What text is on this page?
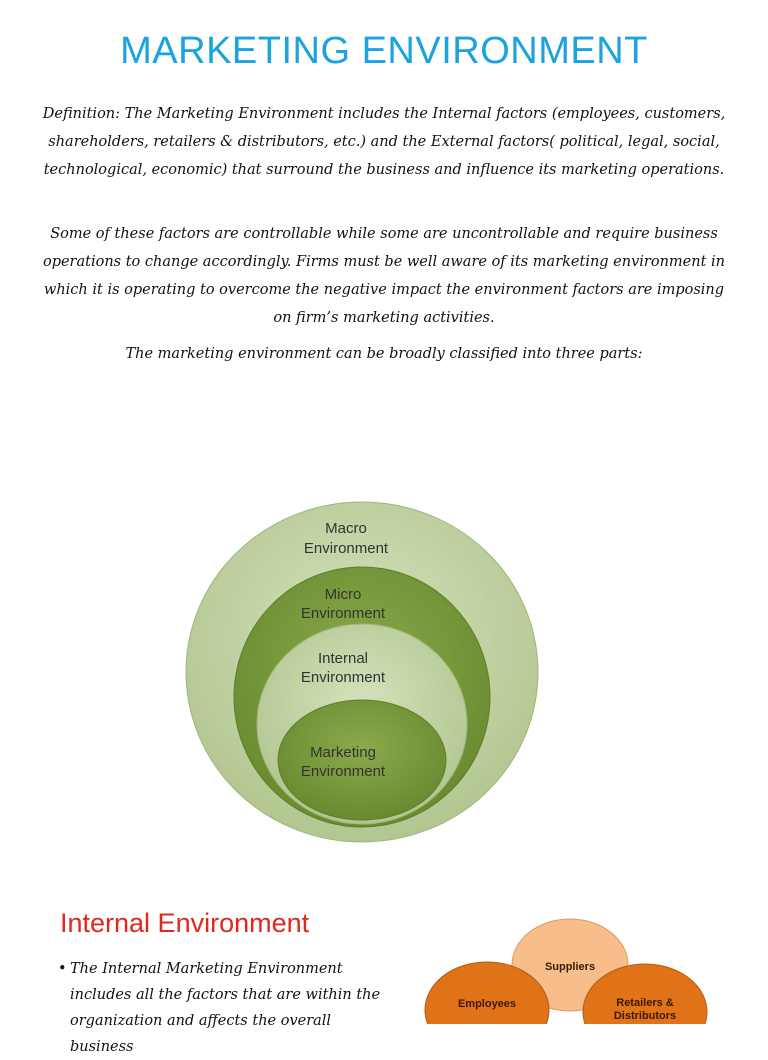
MARKETING ENVIRONMENT

Definition: The Marketing Environment includes the Internal factors (employees, customers, shareholders, retailers & distributors, etc.) and the External factors( political, legal, social, technological, economic) that surround the business and influence its marketing operations.

Some of these factors are controllable while some are uncontrollable and require business operations to change accordingly. Firms must be well aware of its marketing environment in which it is operating to overcome the negative impact the environment factors are imposing on firm’s marketing activities.

The marketing environment can be broadly classified into three parts:

Macro
Environment
Micro
Environment
Internal
Environment
Marketing
Environment
Suppliers
Employees	Retailers &
Distributors
Internal Environment

• The Internal Marketing Environment includes all the factors that are within the organization and affects the overall business
